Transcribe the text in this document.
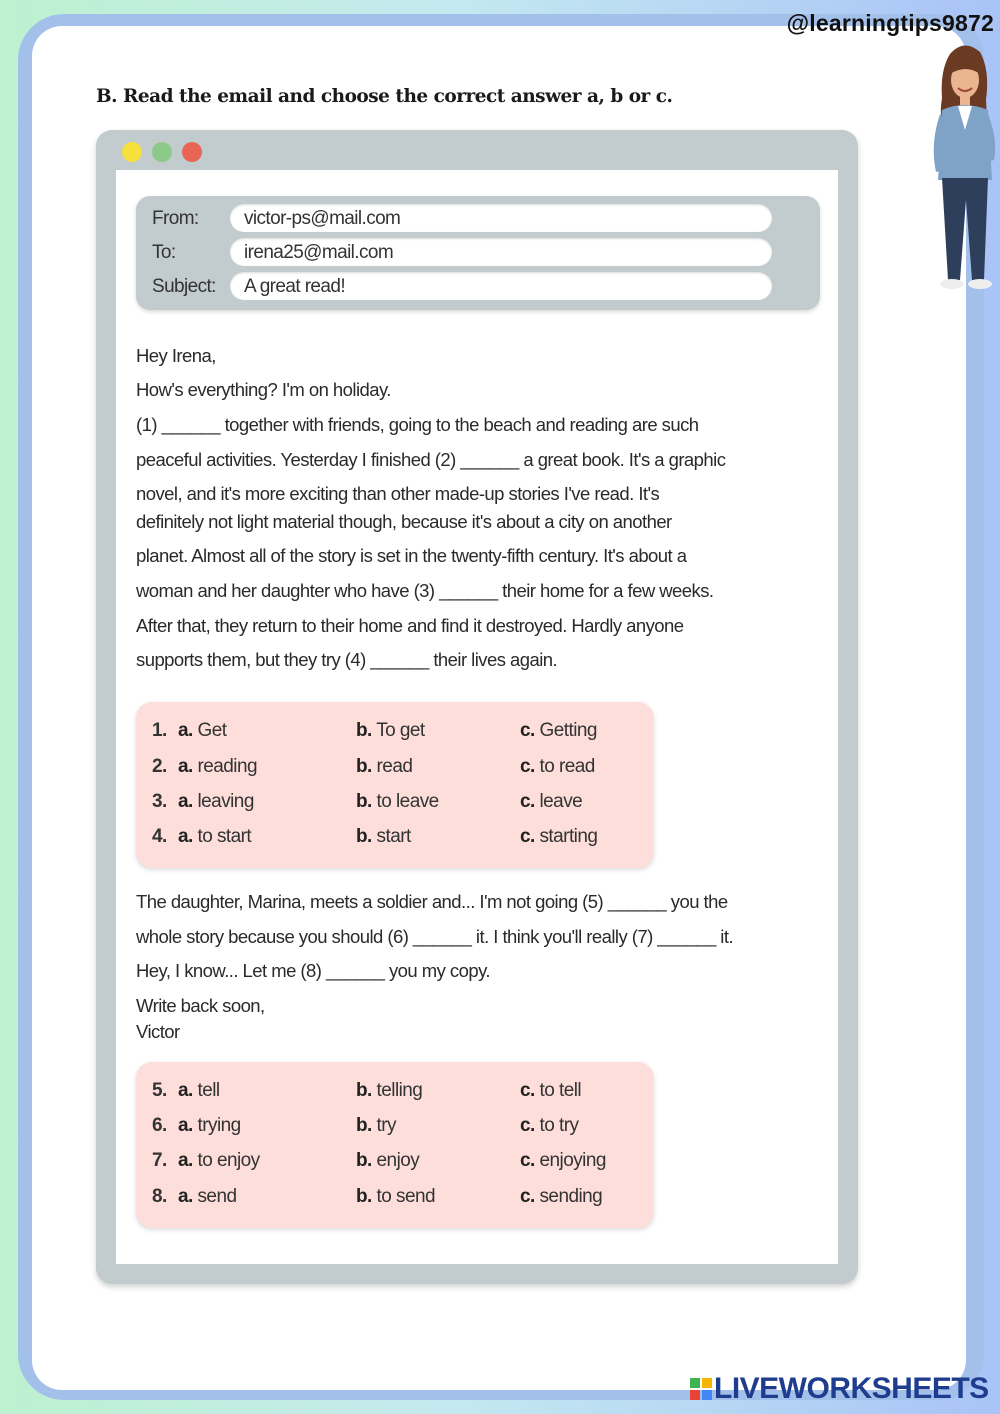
@learningtips9872
B. Read the email and choose the correct answer a, b or c.
From: victor-ps@mail.com
To:	irena25@mail.com
Subject: A great read!
Hey Irena,
How's everything? I'm on holiday.
(1) ______ together with friends, going to the beach and reading are such
peaceful activities. Yesterday I finished (2) ______ a great book. It's a graphic
novel, and it's more exciting than other made-up stories I've read. It's
definitely not light material though, because it's about a city on another
planet. Almost all of the story is set in the twenty-fifth century. It's about a
woman and her daughter who have (3) ______ their home for a few weeks.
After that, they return to their home and find it destroyed. Hardly anyone
supports them, but they try (4) ______ their lives again.
1. a. Get	b. To get	c. Getting
2. a. reading	b. read	c. to read
3. a. leaving	b. to leave	c. leave
4. a. to start	b. start	c. starting
The daughter, Marina, meets a soldier and... I'm not going (5) ______ you the
whole story because you should (6) ______ it. I think you'll really (7) ______ it.
Hey, I know... Let me (8) ______ you my copy.
Write back soon,
Victor
5. a. tell	b. telling	c. to tell
6. a. trying	b. try	c. to try
7. a. to enjoy	b. enjoy	c. enjoying
8. a. send	b. to send	c. sending
LIVEWORKSHEETS
